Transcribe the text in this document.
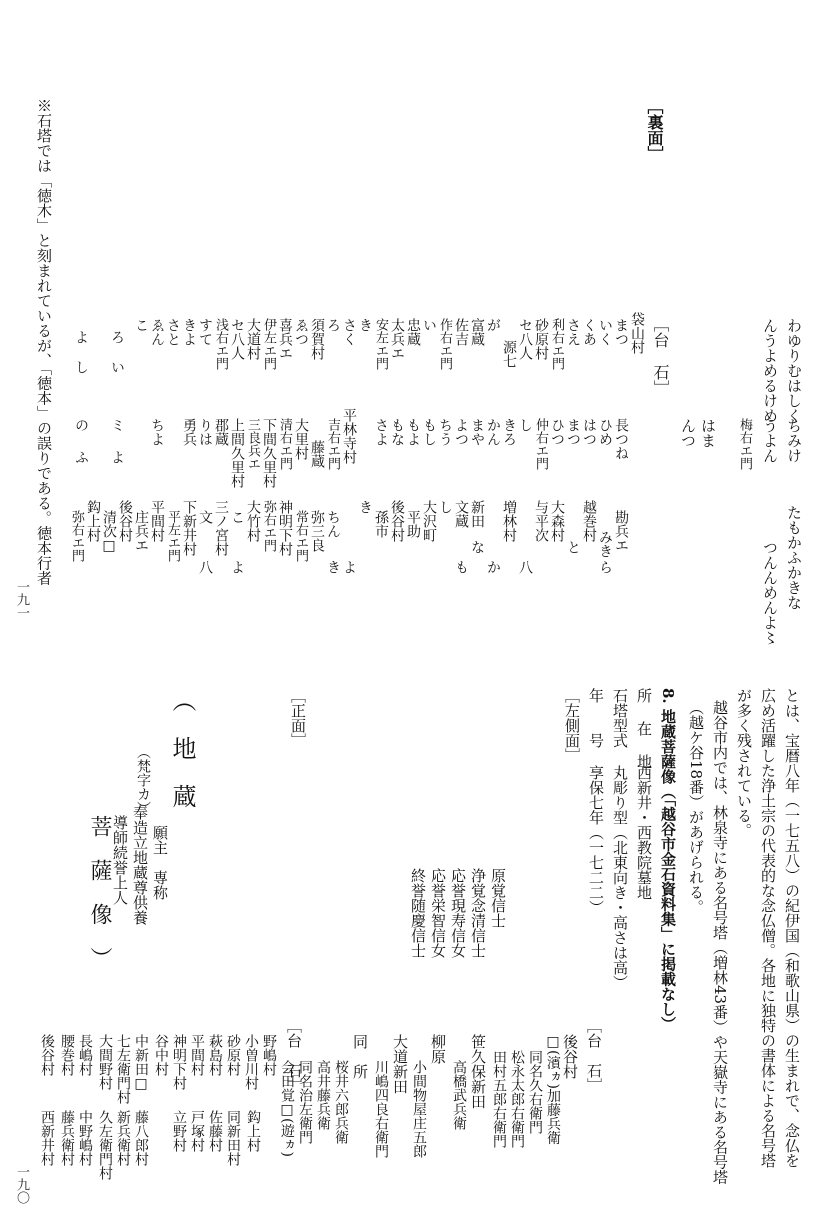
一九一
一九〇
［裏面］
わゆりむはしく
んうよめるけめ
たもかふかきな
つんんめんよ〻
はま
んつ	梅右エ門 ちみけ
うよん
［台　石］
袋山村
まつ
いく
くあ
さえ
利右エ門
砂原村
セ八人
源七
が
富蔵
佐吉
作右エ門
い
忠蔵
太兵エ
安左エ門
き
さく
ろ
須賀村
ゑつ
喜兵エ
伊左エ門
大道村
セ八人
浅右エ門
すて
きよ
さと
ゑん
こ
長つね
ひめ
はつ
まつ
ひつ
仲右エ門
し
きろ
かん
まや
よつ
ちう
もし
もよ
もな
さよ
平林寺村
吉右エ門
藤蔵
大里村
清右エ門
下間久里村
三良兵エ
上間久里村
郡蔵
りは
勇兵
ちよ
ミ
の
勘兵エ
みき
越巻村
ら
と
大森村
与平次
八
増林村
か
な
文蔵 新田
も
し
大沢町
平助
後谷村
孫市
き
よ
き
ちん
弥三良
常右エ門
神明下村
弥右エ門
大竹村
よ
こ
三ノ宮村
八
文
下新井村
平左エ門
平間村
庄兵エ
後谷村
清次□
鈎上村
弥右エ門
ろ
い
よ
よ
し
ふ
※石塔では「徳木」と刻まれているが、「徳本」の誤りである。徳本行者
とは、宝暦八年（一七五八）の紀伊国（和歌山県）の生まれで、念仏を
広め活躍した浄土宗の代表的な念仏僧。各地に独特の書体による名号塔
が多く残されている。
越谷市内では、林泉寺にある名号塔（増林43番）や天嶽寺にある名号塔
（越ケ谷18番）があげられる。
8. 地蔵菩薩像（「越谷市金石資料集」に掲載なし）
所 在 地
西新井・西教院墓地
石塔型式
丸彫り型（北東向き・高さは高）
年　　号
享保七年（一七二二）
［左側面］
原覚信士
浄覚念清信士
応誉現寿信女
応誉栄智信女
終誉随慶信士
［正面］
（　地　蔵
（梵字カ）
願主　専称
奉造立地蔵尊供養
導師続誉上人
菩　薩　像　）
［台　石］
後谷村
□(濱ヵ)加藤兵衛
同名久右衛門
松永太郎右衛門
田村五郎右衛門
笹久保新田
高橋武兵衛
柳原
小間物屋庄五郎
大道新田
川嶋四良右衛門
同　所
桜井六郎兵衛
高井藤兵衛
同名治左衛門
会田覚□(遊ヵ)
［台　石］
野嶋村
小曽川村
鈎上村
同新田村
砂原村
萩島村
平間村
佐藤村
神明下村
戸塚村
谷中村
立野村
中新田□
藤八郎村
七左衛門村
新兵衛村
大間野村
久左衛門村
長嶋村
中野嶋村
腰巻村
藤兵衛村
後谷村
西新井村
